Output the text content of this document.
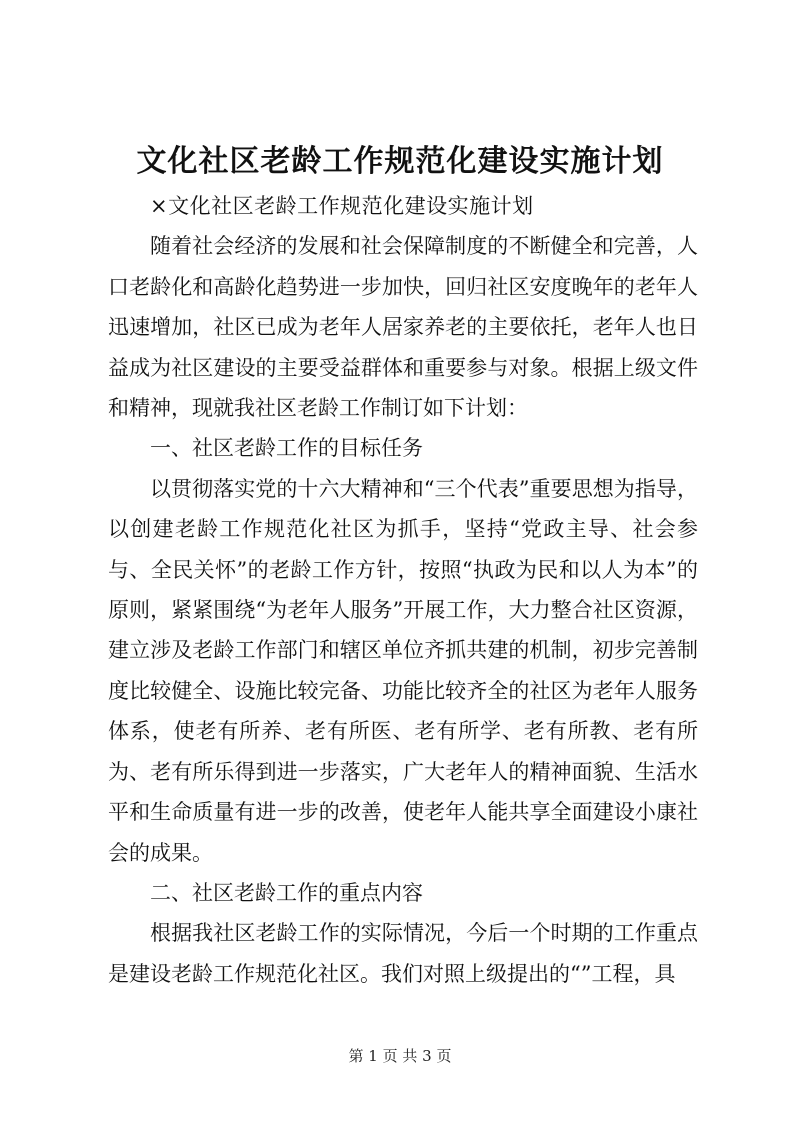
文化社区老龄工作规范化建设实施计划

×文化社区老龄工作规范化建设实施计划

随着社会经济的发展和社会保障制度的不断健全和完善，人口老龄化和高龄化趋势进一步加快，回归社区安度晚年的老年人迅速增加，社区已成为老年人居家养老的主要依托，老年人也日益成为社区建设的主要受益群体和重要参与对象。根据上级文件和精神，现就我社区老龄工作制订如下计划：

一、社区老龄工作的目标任务

以贯彻落实党的十六大精神和“三个代表”重要思想为指导，以创建老龄工作规范化社区为抓手，坚持“党政主导、社会参与、全民关怀”的老龄工作方针，按照“执政为民和以人为本”的原则，紧紧围绕“为老年人服务”开展工作，大力整合社区资源，建立涉及老龄工作部门和辖区单位齐抓共建的机制，初步完善制度比较健全、设施比较完备、功能比较齐全的社区为老年人服务体系，使老有所养、老有所医、老有所学、老有所教、老有所为、老有所乐得到进一步落实，广大老年人的精神面貌、生活水平和生命质量有进一步的改善，使老年人能共享全面建设小康社会的成果。

二、社区老龄工作的重点内容

根据我社区老龄工作的实际情况，今后一个时期的工作重点是建设老龄工作规范化社区。我们对照上级提出的“”工程，具

第 1 页 共 3 页
